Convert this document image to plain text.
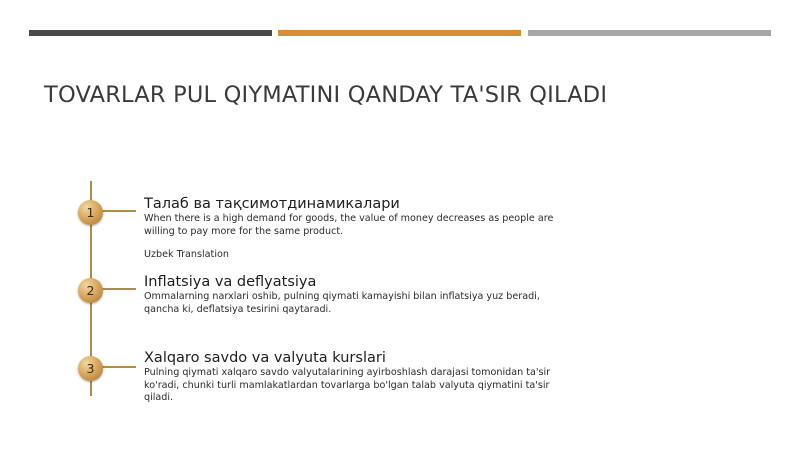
TOVARLAR PUL QIYMATINI QANDAY TA'SIR QILADI
1
2
3
Талаб ва тақсимотдинамикалари
When there is a high demand for goods, the value of money decreases as people are willing to pay more for the same product.
Uzbek Translation
Inflatsiya va deflyatsiya
Ommalarning narxlari oshib, pulning qiymati kamayishi bilan inflatsiya yuz beradi, qancha ki, deflatsiya tesirini qaytaradi.
Xalqaro savdo va valyuta kurslari
Pulning qiymati xalqaro savdo valyutalarining ayirboshlash darajasi tomonidan ta'sir ko'radi, chunki turli mamlakatlardan tovarlarga bo'lgan talab valyuta qiymatini ta'sir qiladi.
